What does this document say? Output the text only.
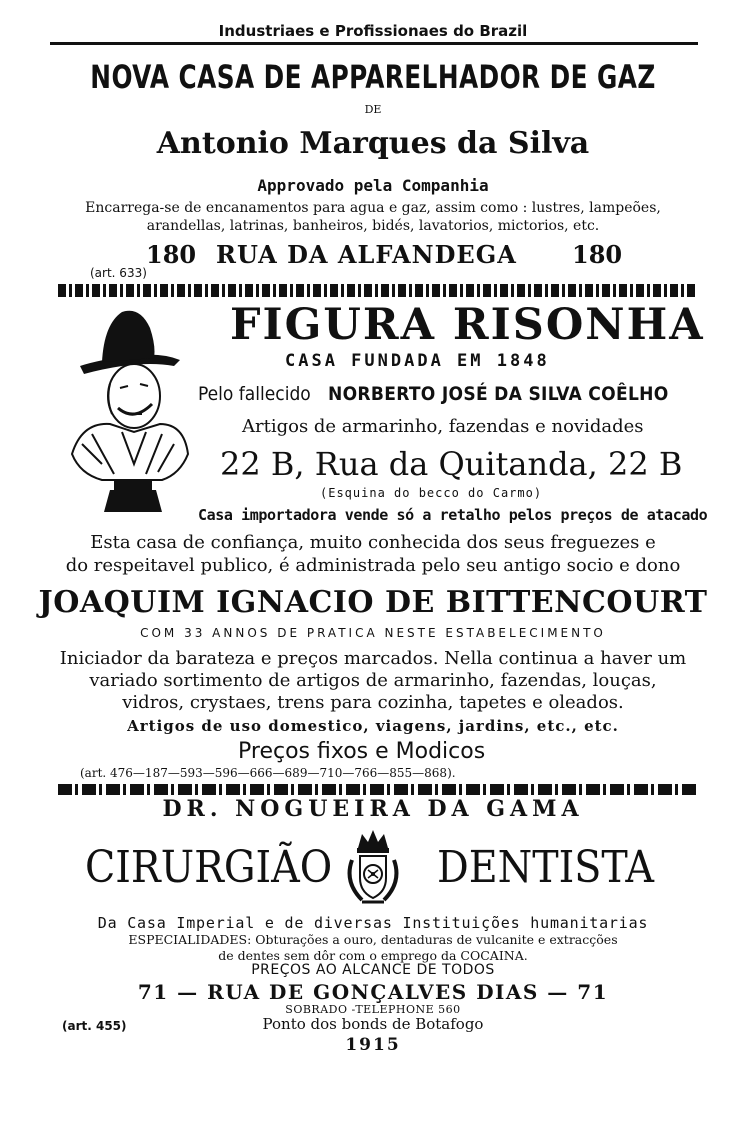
Industriaes e Profissionaes do Brazil
NOVA CASA DE APPARELHADOR DE GAZ
DE
Antonio Marques da Silva
Approvado pela Companhia
Encarrega-se de encanamentos para agua e gaz, assim como : lustres, lampeões,
arandellas, latrinas, banheiros, bidés, lavatorios, mictorios, etc.
180 RUA DA ALFANDEGA 180
(art. 633)
FIGURA RISONHA
CASA FUNDADA EM 1848
Pelo fallecido NORBERTO JOSÉ DA SILVA COÊLHO
Artigos de armarinho, fazendas e novidades
22 B, Rua da Quitanda, 22 B
(Esquina do becco do Carmo)
Casa importadora vende só a retalho pelos preços de atacado
Esta casa de confiança, muito conhecida dos seus freguezes e
do respeitavel publico, é administrada pelo seu antigo socio e dono
JOAQUIM IGNACIO DE BITTENCOURT
COM 33 ANNOS DE PRATICA NESTE ESTABELECIMENTO
Iniciador da barateza e preços marcados. Nella continua a haver um
variado sortimento de artigos de armarinho, fazendas, louças,
vidros, crystaes, trens para cozinha, tapetes e oleados.
Artigos de uso domestico, viagens, jardins, etc., etc.
Preços fixos e Modicos
(art. 476—187—593—596—666—689—710—766—855—868).
DR. NOGUEIRA DA GAMA
CIRURGIÃO DENTISTA
Da Casa Imperial e de diversas Instituições humanitarias
ESPECIALIDADES: Obturações a ouro, dentaduras de vulcanite e extracções
de dentes sem dôr com o emprego da COCAINA.
PREÇOS AO ALCANCE DE TODOS
71 — RUA DE GONÇALVES DIAS — 71
SOBRADO -TELEPHONE 560
(art. 455)	Ponto dos bonds de Botafogo
1915
